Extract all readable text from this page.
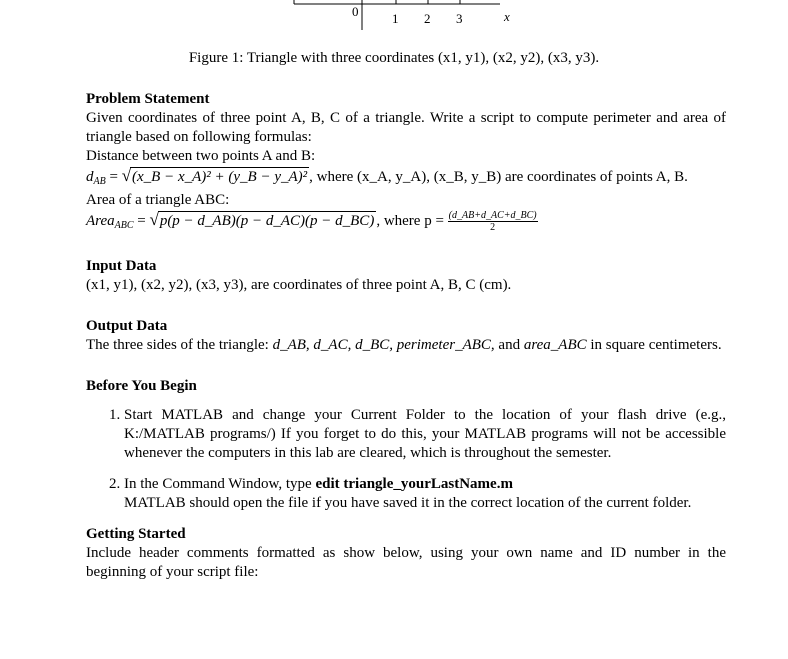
0	1 2 3	x
Figure 1: Triangle with three coordinates (x1, y1), (x2, y2), (x3, y3).
Problem Statement

Given coordinates of three point A, B, C of a triangle. Write a script to compute perimeter and area of triangle based on following formulas:

Distance between two points A and B:

$d_{AB}$ = √(x_B − x_A)² + (y_B − y_A)² , where (x_A, y_A), (x_B, y_B) are coordinates of points A, B.

Area of a triangle ABC:

Area$_{ABC}$ = √p(p − d_AB)(p − d_AC)(p − d_BC) , where $p = \frac{(d\_AB+d\_AC+d\_BC)}{2}$

Input Data

(x1, y1), (x2, y2), (x3, y3), are coordinates of three point A, B, C (cm).

Output Data

The three sides of the triangle: d_AB, d_AC, d_BC, perimeter_ABC, and area_ABC in square centimeters.

Before You Begin
1. Start MATLAB and change your Current Folder to the location of your flash drive (e.g., K:/MATLAB programs/) If you forget to do this, your MATLAB programs will not be accessible whenever the computers in this lab are cleared, which is throughout the semester.
2. In the Command Window, type edit triangle_yourLastName.m
MATLAB should open the file if you have saved it in the correct location of the current folder.
Getting Started

Include header comments formatted as show below, using your own name and ID number in the beginning of your script file:
